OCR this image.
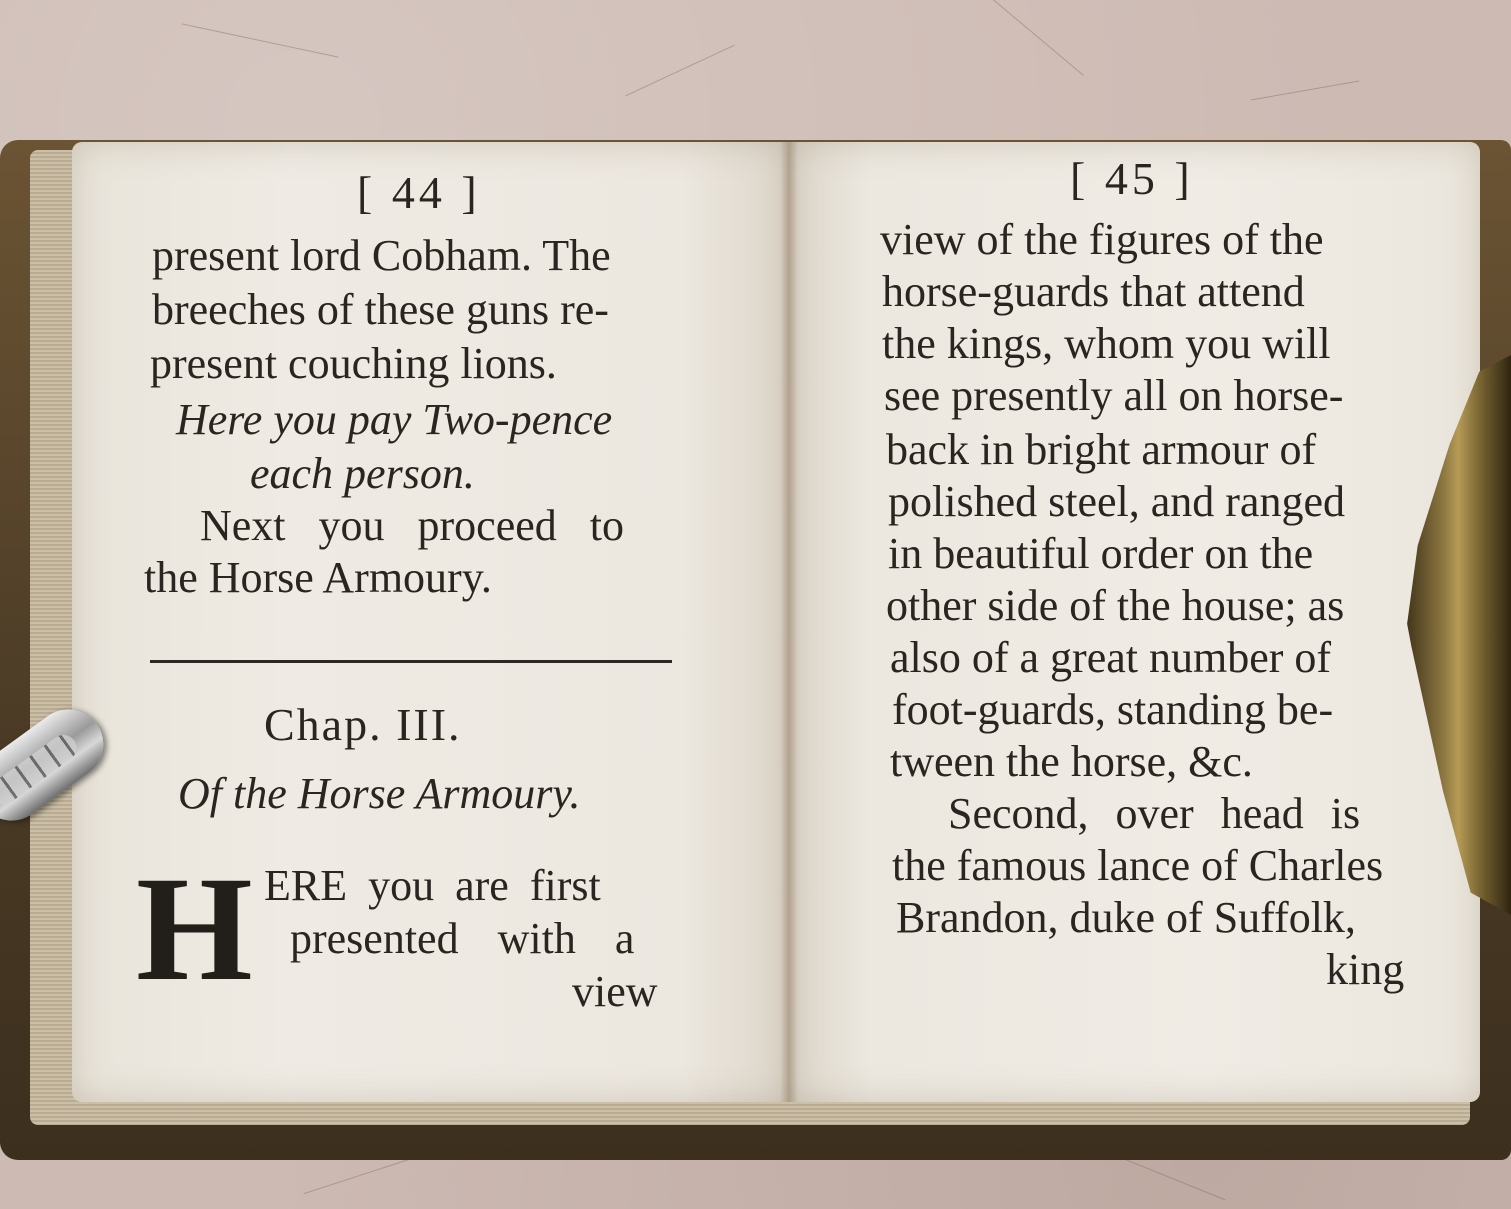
[ 44 ]
present lord Cobham. The
breeches of these guns re-
present couching lions.
Here you pay Two-pence
each person.
Next you proceed to
the Horse Armoury.
Chap. III.
Of the Horse Armoury.
H ERE you are first
presented with a
view
[ 45 ]
view of the figures of the
horse-guards that attend
the kings, whom you will
see presently all on horse-
back in bright armour of
polished steel, and ranged
in beautiful order on the
other side of the house; as
also of a great number of
foot-guards, standing be-
tween the horse, &c.
Second, over head is
the famous lance of Charles
Brandon, duke of Suffolk,
king
